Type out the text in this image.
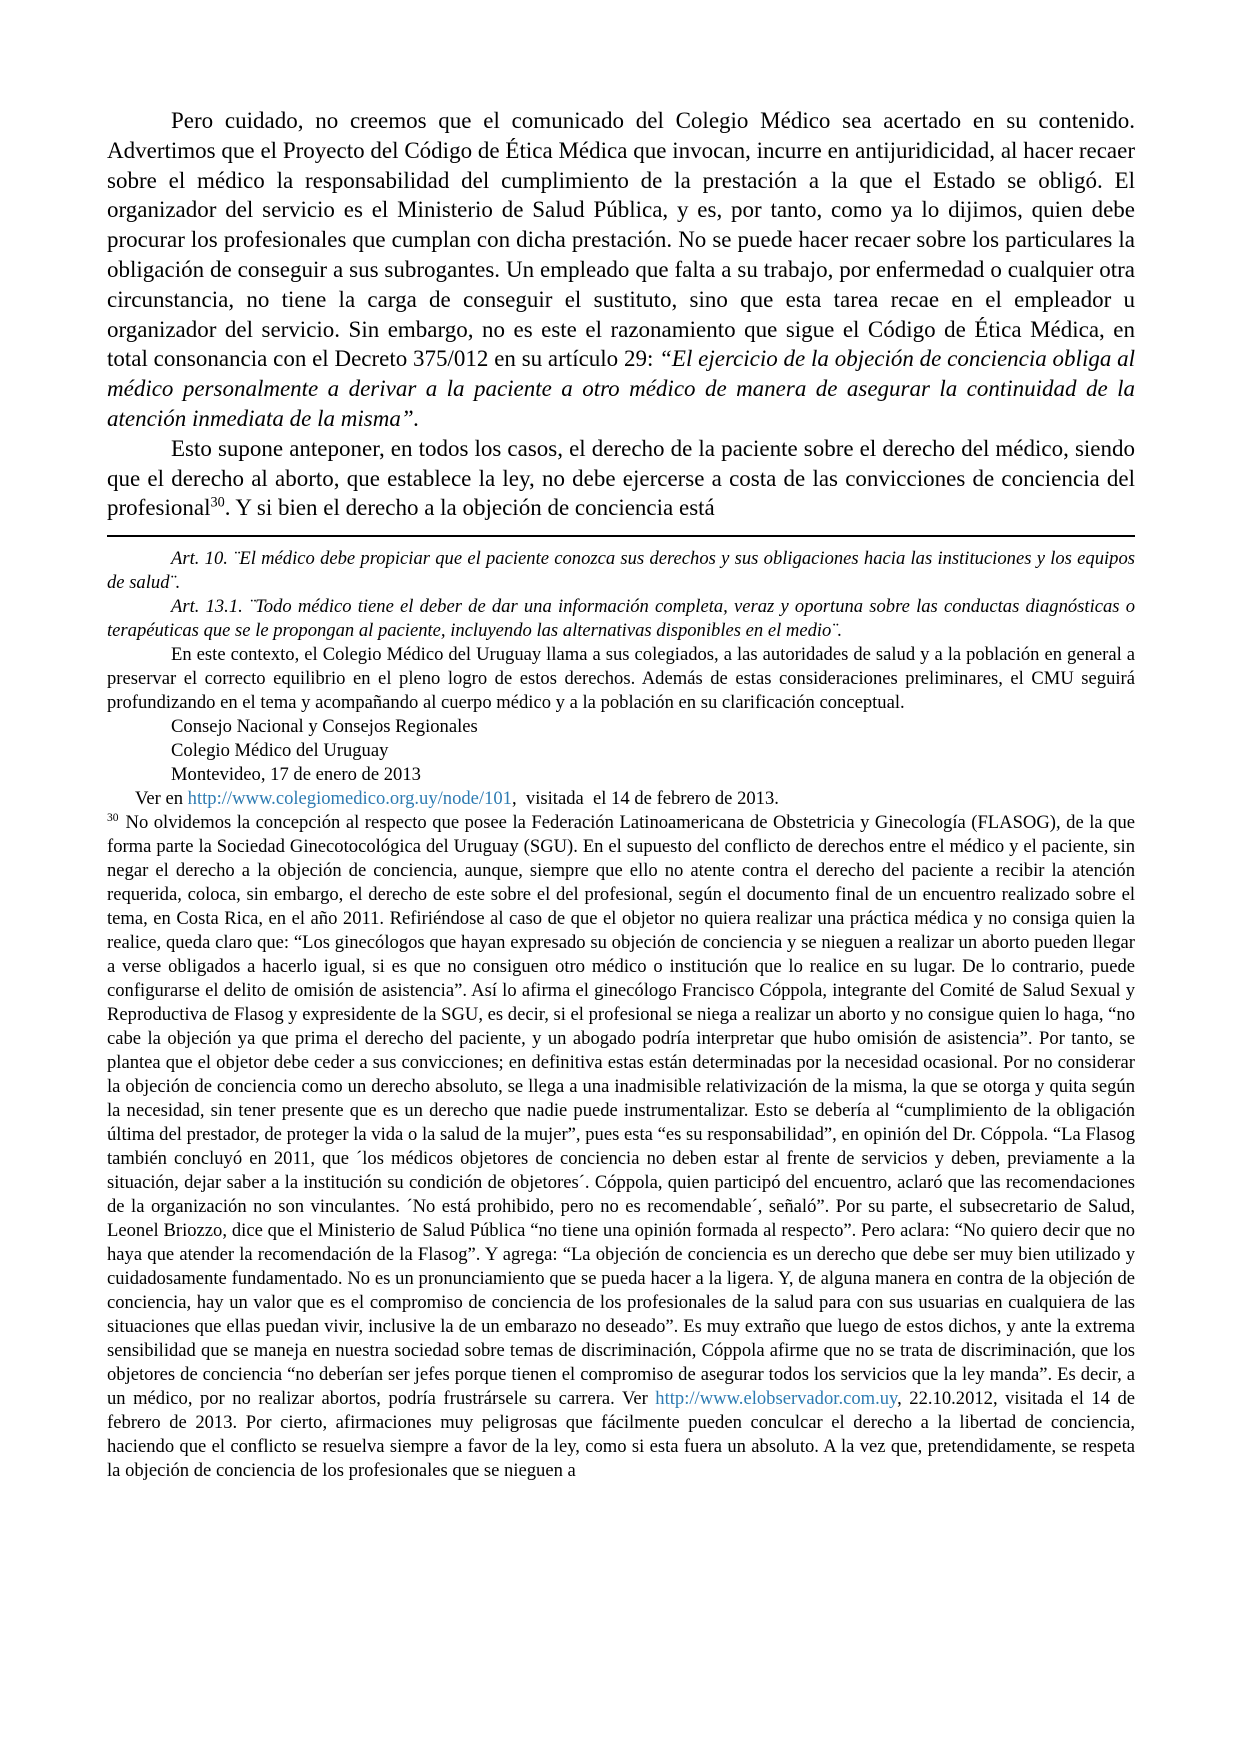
Pero cuidado, no creemos que el comunicado del Colegio Médico sea acertado en su contenido. Advertimos que el Proyecto del Código de Ética Médica que invocan, incurre en antijuridicidad, al hacer recaer sobre el médico la responsabilidad del cumplimiento de la prestación a la que el Estado se obligó. El organizador del servicio es el Ministerio de Salud Pública, y es, por tanto, como ya lo dijimos, quien debe procurar los profesionales que cumplan con dicha prestación. No se puede hacer recaer sobre los particulares la obligación de conseguir a sus subrogantes. Un empleado que falta a su trabajo, por enfermedad o cualquier otra circunstancia, no tiene la carga de conseguir el sustituto, sino que esta tarea recae en el empleador u organizador del servicio. Sin embargo, no es este el razonamiento que sigue el Código de Ética Médica, en total consonancia con el Decreto 375/012 en su artículo 29: “El ejercicio de la objeción de conciencia obliga al médico personalmente a derivar a la paciente a otro médico de manera de asegurar la continuidad de la atención inmediata de la misma”.

Esto supone anteponer, en todos los casos, el derecho de la paciente sobre el derecho del médico, siendo que el derecho al aborto, que establece la ley, no debe ejercerse a costa de las convicciones de conciencia del profesional$^{30}$. Y si bien el derecho a la objeción de conciencia está

Art. 10. ¨El médico debe propiciar que el paciente conozca sus derechos y sus obligaciones hacia las instituciones y los equipos de salud¨.

Art. 13.1. ¨Todo médico tiene el deber de dar una información completa, veraz y oportuna sobre las conductas diagnósticas o terapéuticas que se le propongan al paciente, incluyendo las alternativas disponibles en el medio¨.

En este contexto, el Colegio Médico del Uruguay llama a sus colegiados, a las autoridades de salud y a la población en general a preservar el correcto equilibrio en el pleno logro de estos derechos. Además de estas consideraciones preliminares, el CMU seguirá profundizando en el tema y acompañando al cuerpo médico y a la población en su clarificación conceptual.

Consejo Nacional y Consejos Regionales

Colegio Médico del Uruguay

Montevideo, 17 de enero de 2013

Ver en http://www.colegiomedico.org.uy/node/101,  visitada  el 14 de febrero de 2013.

$^{30}$ No olvidemos la concepción al respecto que posee la Federación Latinoamericana de Obstetricia y Ginecología (FLASOG), de la que forma parte la Sociedad Ginecotocológica del Uruguay (SGU). En el supuesto del conflicto de derechos entre el médico y el paciente, sin negar el derecho a la objeción de conciencia, aunque, siempre que ello no atente contra el derecho del paciente a recibir la atención requerida, coloca, sin embargo, el derecho de este sobre el del profesional, según el documento final de un encuentro realizado sobre el tema, en Costa Rica, en el año 2011. Refiriéndose al caso de que el objetor no quiera realizar una práctica médica y no consiga quien la realice, queda claro que: “Los ginecólogos que hayan expresado su objeción de conciencia y se nieguen a realizar un aborto pueden llegar a verse obligados a hacerlo igual, si es que no consiguen otro médico o institución que lo realice en su lugar. De lo contrario, puede configurarse el delito de omisión de asistencia”. Así lo afirma el ginecólogo Francisco Cóppola, integrante del Comité de Salud Sexual y Reproductiva de Flasog y expresidente de la SGU, es decir, si el profesional se niega a realizar un aborto y no consigue quien lo haga, “no cabe la objeción ya que prima el derecho del paciente, y un abogado podría interpretar que hubo omisión de asistencia”. Por tanto, se plantea que el objetor debe ceder a sus convicciones; en definitiva estas están determinadas por la necesidad ocasional. Por no considerar la objeción de conciencia como un derecho absoluto, se llega a una inadmisible relativización de la misma, la que se otorga y quita según la necesidad, sin tener presente que es un derecho que nadie puede instrumentalizar. Esto se debería al “cumplimiento de la obligación última del prestador, de proteger la vida o la salud de la mujer”, pues esta “es su responsabilidad”, en opinión del Dr. Cóppola. “La Flasog también concluyó en 2011, que ´los médicos objetores de conciencia no deben estar al frente de servicios y deben, previamente a la situación, dejar saber a la institución su condición de objetores´. Cóppola, quien participó del encuentro, aclaró que las recomendaciones de la organización no son vinculantes. ´No está prohibido, pero no es recomendable´, señaló”. Por su parte, el subsecretario de Salud, Leonel Briozzo, dice que el Ministerio de Salud Pública “no tiene una opinión formada al respecto”. Pero aclara: “No quiero decir que no haya que atender la recomendación de la Flasog”. Y agrega: “La objeción de conciencia es un derecho que debe ser muy bien utilizado y cuidadosamente fundamentado. No es un pronunciamiento que se pueda hacer a la ligera. Y, de alguna manera en contra de la objeción de conciencia, hay un valor que es el compromiso de conciencia de los profesionales de la salud para con sus usuarias en cualquiera de las situaciones que ellas puedan vivir, inclusive la de un embarazo no deseado”. Es muy extraño que luego de estos dichos, y ante la extrema sensibilidad que se maneja en nuestra sociedad sobre temas de discriminación, Cóppola afirme que no se trata de discriminación, que los objetores de conciencia “no deberían ser jefes porque tienen el compromiso de asegurar todos los servicios que la ley manda”. Es decir, a un médico, por no realizar abortos, podría frustrársele su carrera. Ver http://www.elobservador.com.uy, 22.10.2012, visitada el 14 de febrero de 2013. Por cierto, afirmaciones muy peligrosas que fácilmente pueden conculcar el derecho a la libertad de conciencia, haciendo que el conflicto se resuelva siempre a favor de la ley, como si esta fuera un absoluto. A la vez que, pretendidamente, se respeta la objeción de conciencia de los profesionales que se nieguen a
